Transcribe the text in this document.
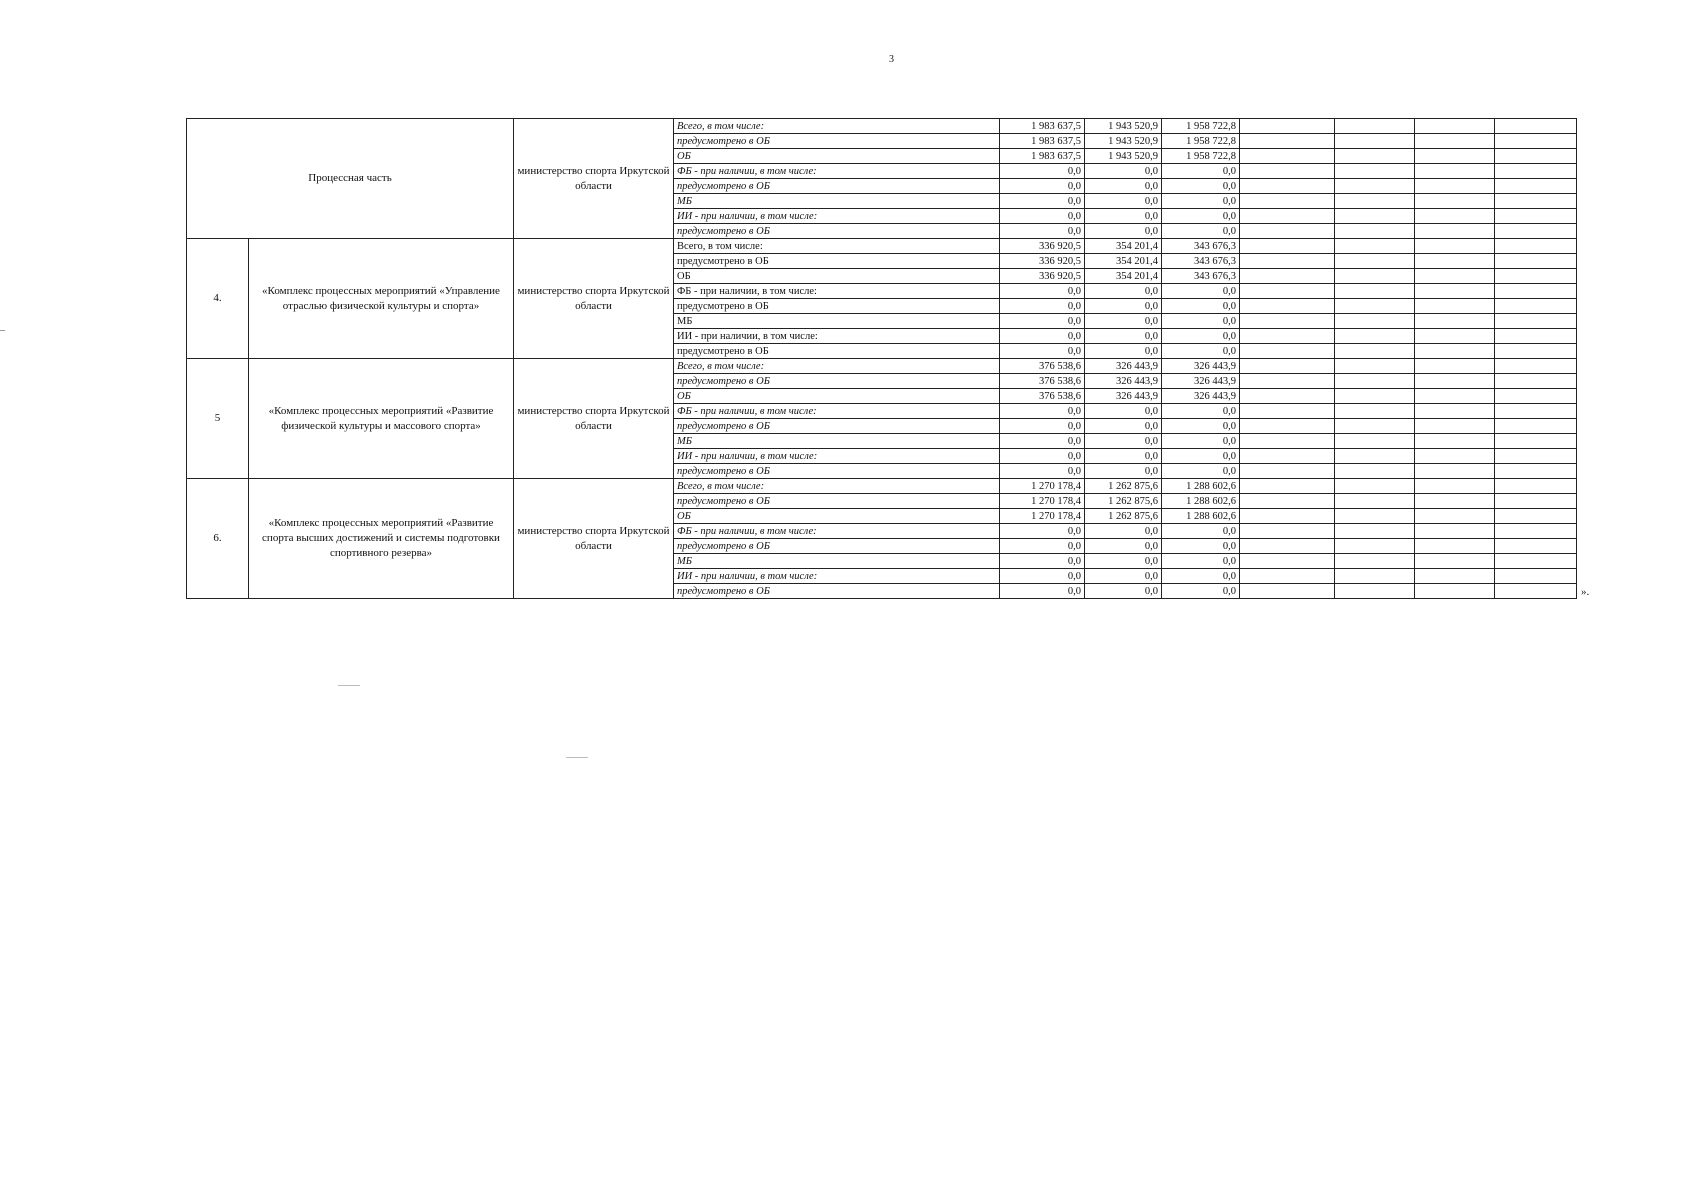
3
Процессная часть		министерство спорта Иркутской области	Всего, в том числе:	1 983 637,5	1 943 520,9	1 958 722,8				
			предусмотрено в ОБ	1 983 637,5	1 943 520,9	1 958 722,8				
			ОБ	1 983 637,5	1 943 520,9	1 958 722,8				
			ФБ - при наличии, в том числе:	0,0	0,0	0,0				
			предусмотрено в ОБ	0,0	0,0	0,0				
			МБ	0,0	0,0	0,0				
			ИИ - при наличии, в том числе:	0,0	0,0	0,0				
			предусмотрено в ОБ	0,0	0,0	0,0				
4.	«Комплекс процессных мероприятий «Управление отраслью физической культуры и спорта»	министерство спорта Иркутской области	Всего, в том числе:	336 920,5	354 201,4	343 676,3				
			предусмотрено в ОБ	336 920,5	354 201,4	343 676,3				
			ОБ	336 920,5	354 201,4	343 676,3				
			ФБ - при наличии, в том числе:	0,0	0,0	0,0				
			предусмотрено в ОБ	0,0	0,0	0,0				
			МБ	0,0	0,0	0,0				
			ИИ - при наличии, в том числе:	0,0	0,0	0,0				
			предусмотрено в ОБ	0,0	0,0	0,0				
5	«Комплекс процессных мероприятий «Развитие физической культуры и массового спорта»	министерство спорта Иркутской области	Всего, в том числе:	376 538,6	326 443,9	326 443,9				
			предусмотрено в ОБ	376 538,6	326 443,9	326 443,9				
			ОБ	376 538,6	326 443,9	326 443,9				
			ФБ - при наличии, в том числе:	0,0	0,0	0,0				
			предусмотрено в ОБ	0,0	0,0	0,0				
			МБ	0,0	0,0	0,0				
			ИИ - при наличии, в том числе:	0,0	0,0	0,0				
			предусмотрено в ОБ	0,0	0,0	0,0				
6.	«Комплекс процессных мероприятий «Развитие спорта высших достижений и системы подготовки спортивного резерва»	министерство спорта Иркутской области	Всего, в том числе:	1 270 178,4	1 262 875,6	1 288 602,6				
			предусмотрено в ОБ	1 270 178,4	1 262 875,6	1 288 602,6				
			ОБ	1 270 178,4	1 262 875,6	1 288 602,6				
			ФБ - при наличии, в том числе:	0,0	0,0	0,0				
			предусмотрено в ОБ	0,0	0,0	0,0				
			МБ	0,0	0,0	0,0				
			ИИ - при наличии, в том числе:	0,0	0,0	0,0				
			предусмотрено в ОБ	0,0	0,0	0,0					».
